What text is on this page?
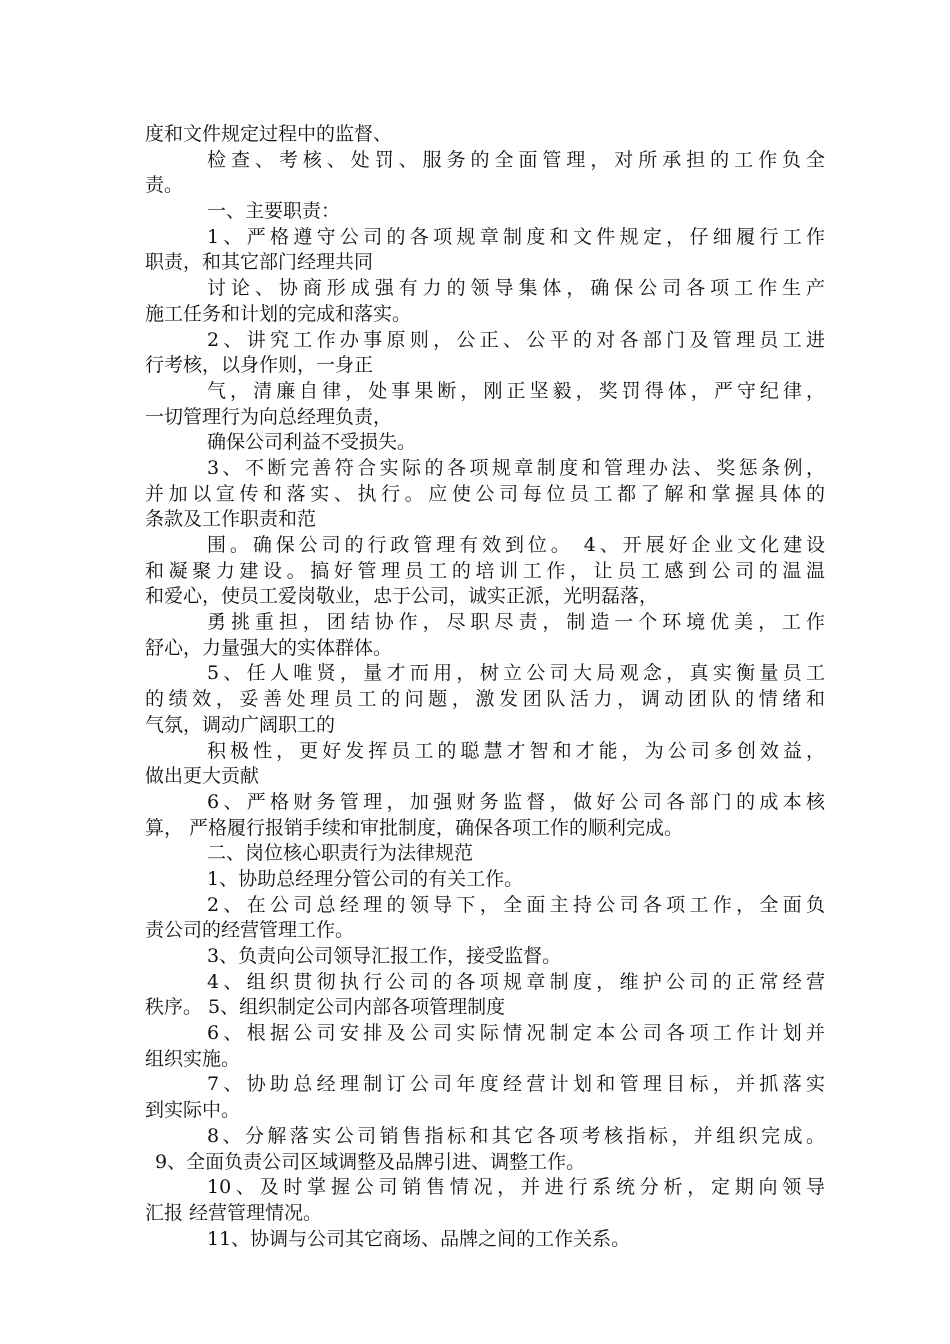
度和文件规定过程中的监督、
检查、考核、处罚、服务的全面管理，对所承担的工作负全
责。
一、主要职责：
1、严格遵守公司的各项规章制度和文件规定，仔细履行工作
职责，和其它部门经理共同
讨论、协商形成强有力的领导集体，确保公司各项工作生产
施工任务和计划的完成和落实。
2、讲究工作办事原则，公正、公平的对各部门及管理员工进
行考核，以身作则，一身正
气，清廉自律，处事果断，刚正坚毅，奖罚得体，严守纪律，
一切管理行为向总经理负责，
确保公司利益不受损失。
3、不断完善符合实际的各项规章制度和管理办法、奖惩条例，
并加以宣传和落实、执行。应使公司每位员工都了解和掌握具体的
条款及工作职责和范
围。确保公司的行政管理有效到位。 4、开展好企业文化建设
和凝聚力建设。搞好管理员工的培训工作，让员工感到公司的温温
和爱心，使员工爱岗敬业，忠于公司，诚实正派，光明磊落，
勇挑重担，团结协作，尽职尽责，制造一个环境优美，工作
舒心，力量强大的实体群体。
5、任人唯贤，量才而用，树立公司大局观念，真实衡量员工
的绩效，妥善处理员工的问题，激发团队活力，调动团队的情绪和
气氛，调动广阔职工的
积极性，更好发挥员工的聪慧才智和才能，为公司多创效益，
做出更大贡献
6、严格财务管理，加强财务监督，做好公司各部门的成本核
算， 严格履行报销手续和审批制度，确保各项工作的顺利完成。
二、岗位核心职责行为法律规范
1、协助总经理分管公司的有关工作。
2、在公司总经理的领导下，全面主持公司各项工作，全面负
责公司的经营管理工作。
3、负责向公司领导汇报工作，接受监督。
4、组织贯彻执行公司的各项规章制度，维护公司的正常经营
秩序。 5、组织制定公司内部各项管理制度
6、根据公司安排及公司实际情况制定本公司各项工作计划并
组织实施。
7、协助总经理制订公司年度经营计划和管理目标，并抓落实
到实际中。
8、分解落实公司销售指标和其它各项考核指标，并组织完成。
9、全面负责公司区域调整及品牌引进、调整工作。
10、及时掌握公司销售情况，并进行系统分析，定期向领导
汇报 经营管理情况。
11、协调与公司其它商场、品牌之间的工作关系。
